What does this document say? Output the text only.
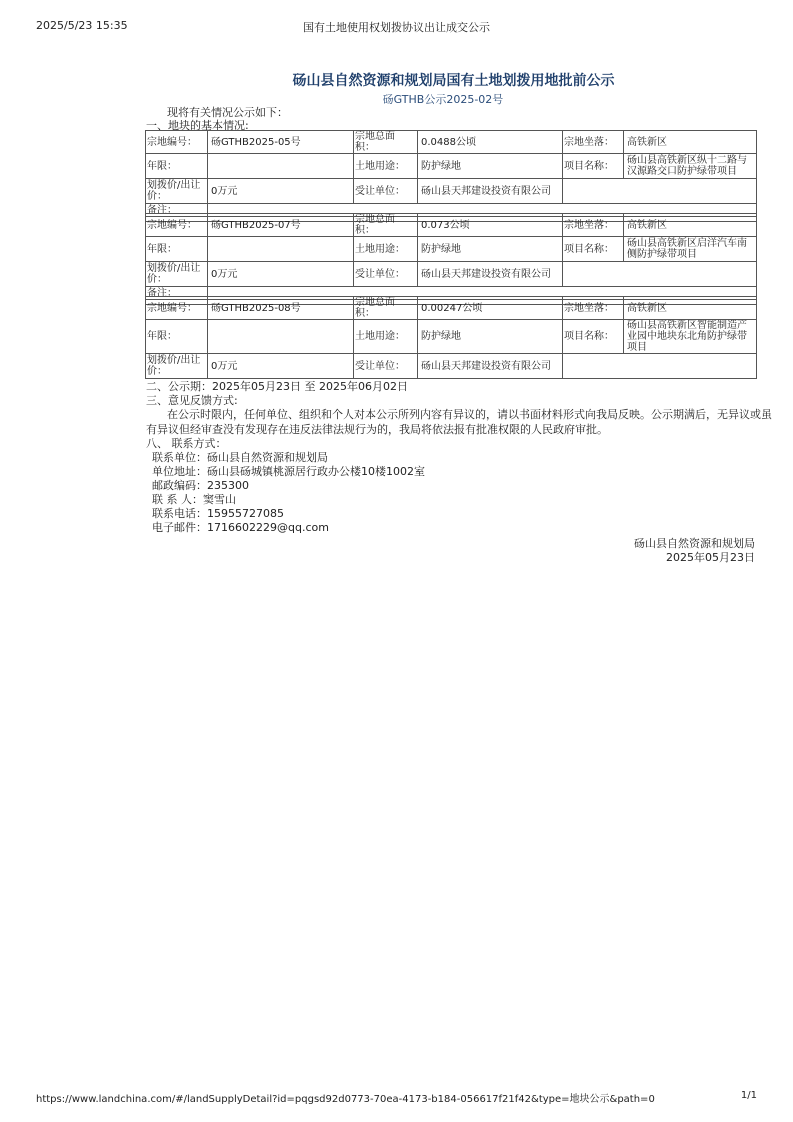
2025/5/23 15:35	国有土地使用权划拨协议出让成交公示
砀山县自然资源和规划局国有土地划拨用地批前公示
砀GTHB公示2025-02号
现将有关情况公示如下：
一、地块的基本情况:
宗地编号：	砀GTHB2025-05号	宗地总面积：	0.0488公顷	宗地坐落：	高铁新区
年限：		土地用途：	防护绿地	项目名称：	砀山县高铁新区纵十二路与汉源路交口防护绿带项目
划拨价/出让价：	0万元	受让单位：	砀山县天邦建设投资有限公司		
备注：					

宗地编号：	砀GTHB2025-07号	宗地总面积：	0.073公顷	宗地坐落：	高铁新区
年限：		土地用途：	防护绿地	项目名称：	砀山县高铁新区启洋汽车南侧防护绿带项目
划拨价/出让价：	0万元	受让单位：	砀山县天邦建设投资有限公司		
备注：					

宗地编号：	砀GTHB2025-08号	宗地总面积：	0.00247公顷	宗地坐落：	高铁新区
年限：		土地用途：	防护绿地	项目名称：	砀山县高铁新区智能制造产业园中地块东北角防护绿带项目
划拨价/出让价：	0万元	受让单位：	砀山县天邦建设投资有限公司		
二、公示期：2025年05月23日 至 2025年06月02日
三、意见反馈方式:
在公示时限内，任何单位、组织和个人对本公示所列内容有异议的，请以书面材料形式向我局反映。公示期满后，无异议或虽
有异议但经审查没有发现存在违反法律法规行为的，我局将依法报有批准权限的人民政府审批。
八、 联系方式：
联系单位：砀山县自然资源和规划局
单位地址：砀山县砀城镇桃源居行政办公楼10楼1002室
邮政编码：235300
联 系 人：窦雪山
联系电话：15955727085
电子邮件：1716602229@qq.com
砀山县自然资源和规划局
2025年05月23日
https://www.landchina.com/#/landSupplyDetail?id=pqgsd92d0773-70ea-4173-b184-056617f21f42&type=地块公示&path=0	1/1
